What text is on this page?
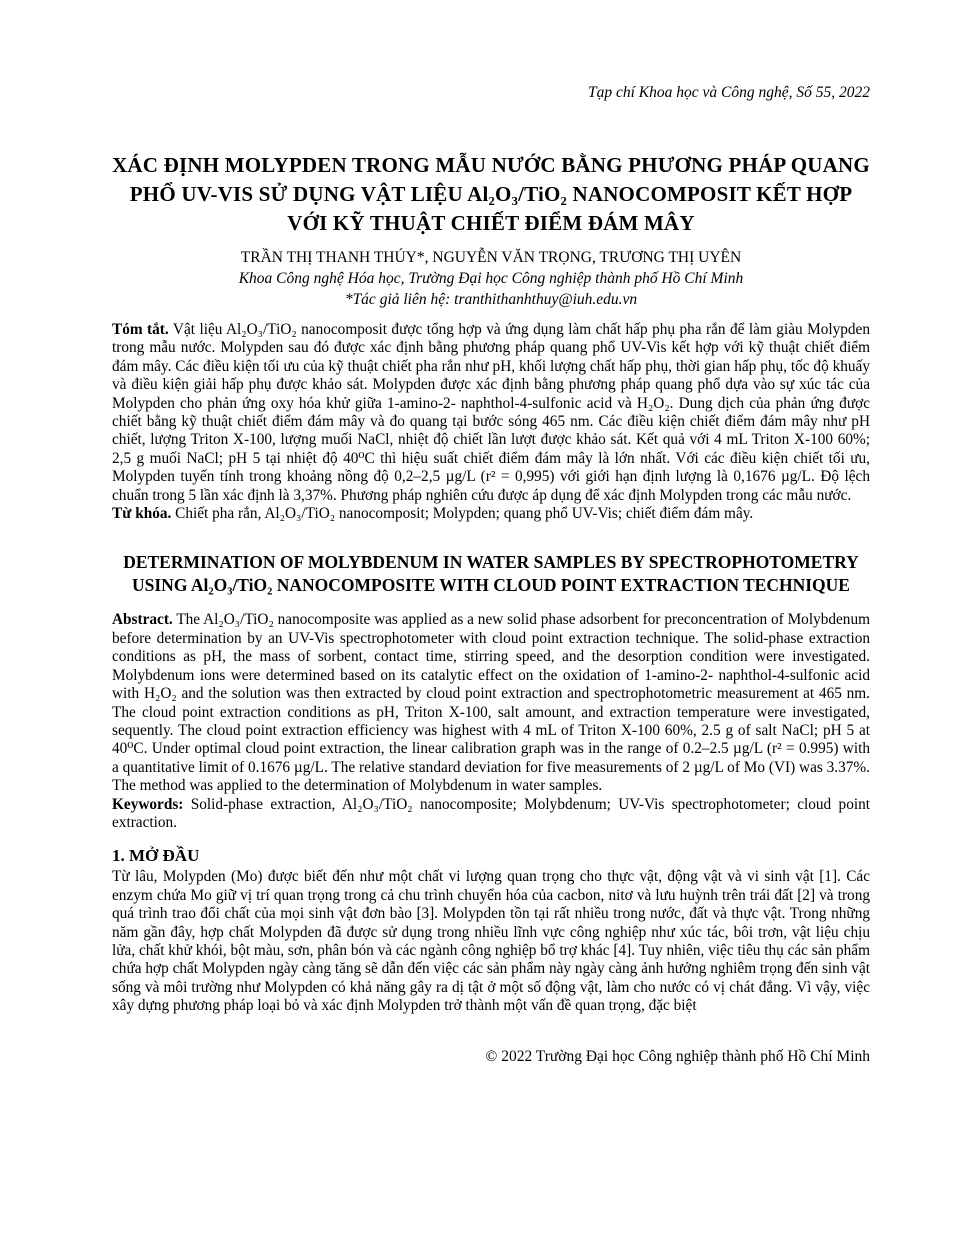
Tạp chí Khoa học và Công nghệ, Số 55, 2022

XÁC ĐỊNH MOLYPDEN TRONG MẪU NƯỚC BẰNG PHƯƠNG PHÁP QUANG PHỔ UV-VIS SỬ DỤNG VẬT LIỆU Al₂O₃/TiO₂ NANOCOMPOSIT KẾT HỢP VỚI KỸ THUẬT CHIẾT ĐIỂM ĐÁM MÂY
TRẦN THỊ THANH THÚY*, NGUYỄN VĂN TRỌNG, TRƯƠNG THỊ UYÊN
Khoa Công nghệ Hóa học, Trường Đại học Công nghiệp thành phố Hồ Chí Minh
*Tác giả liên hệ: tranthithanhthuy@iuh.edu.vn

Tóm tắt. Vật liệu Al₂O₃/TiO₂ nanocomposit được tổng hợp và ứng dụng làm chất hấp phụ pha rắn để làm giàu Molypden trong mẫu nước. Molypden sau đó được xác định bằng phương pháp quang phổ UV-Vis kết hợp với kỹ thuật chiết điểm đám mây. Các điều kiện tối ưu của kỹ thuật chiết pha rắn như pH, khối lượng chất hấp phụ, thời gian hấp phụ, tốc độ khuấy và điều kiện giải hấp phụ được khảo sát. Molypden được xác định bằng phương pháp quang phổ dựa vào sự xúc tác của Molypden cho phản ứng oxy hóa khử giữa 1-amino-2- naphthol-4-sulfonic acid và H₂O₂. Dung dịch của phản ứng được chiết bằng kỹ thuật chiết điểm đám mây và đo quang tại bước sóng 465 nm. Các điều kiện chiết điểm đám mây như pH chiết, lượng Triton X-100, lượng muối NaCl, nhiệt độ chiết lần lượt được khảo sát. Kết quả với 4 mL Triton X-100 60%; 2,5 g muối NaCl; pH 5 tại nhiệt độ 40⁰C thì hiệu suất chiết điểm đám mây là lớn nhất. Với các điều kiện chiết tối ưu, Molypden tuyến tính trong khoảng nồng độ 0,2–2,5 µg/L (r² = 0,995) với giới hạn định lượng là 0,1676 µg/L. Độ lệch chuẩn trong 5 lần xác định là 3,37%. Phương pháp nghiên cứu được áp dụng để xác định Molypden trong các mẫu nước.

Từ khóa. Chiết pha rắn, Al₂O₃/TiO₂ nanocomposit; Molypden; quang phổ UV-Vis; chiết điểm đám mây.

DETERMINATION OF MOLYBDENUM IN WATER SAMPLES BY SPECTROPHOTOMETRY USING Al₂O₃/TiO₂ NANOCOMPOSITE WITH CLOUD POINT EXTRACTION TECHNIQUE

Abstract. The Al₂O₃/TiO₂ nanocomposite was applied as a new solid phase adsorbent for preconcentration of Molybdenum before determination by an UV-Vis spectrophotometer with cloud point extraction technique. The solid-phase extraction conditions as pH, the mass of sorbent, contact time, stirring speed, and the desorption condition were investigated. Molybdenum ions were determined based on its catalytic effect on the oxidation of 1-amino-2- naphthol-4-sulfonic acid with H₂O₂ and the solution was then extracted by cloud point extraction and spectrophotometric measurement at 465 nm. The cloud point extraction conditions as pH, Triton X-100, salt amount, and extraction temperature were investigated, sequently. The cloud point extraction efficiency was highest with 4 mL of Triton X-100 60%, 2.5 g of salt NaCl; pH 5 at 40⁰C. Under optimal cloud point extraction, the linear calibration graph was in the range of 0.2–2.5 µg/L (r² = 0.995) with a quantitative limit of 0.1676 µg/L. The relative standard deviation for five measurements of 2 µg/L of Mo (VI) was 3.37%. The method was applied to the determination of Molybdenum in water samples.

Keywords: Solid-phase extraction, Al₂O₃/TiO₂ nanocomposite; Molybdenum; UV-Vis spectrophotometer; cloud point extraction.

1. MỞ ĐẦU

Từ lâu, Molypden (Mo) được biết đến như một chất vi lượng quan trọng cho thực vật, động vật và vi sinh vật [1]. Các enzym chứa Mo giữ vị trí quan trọng trong cả chu trình chuyển hóa của cacbon, nitơ và lưu huỳnh trên trái đất [2] và trong quá trình trao đổi chất của mọi sinh vật đơn bào [3]. Molypden tồn tại rất nhiều trong nước, đất và thực vật. Trong những năm gần đây, hợp chất Molypden đã được sử dụng trong nhiều lĩnh vực công nghiệp như xúc tác, bôi trơn, vật liệu chịu lửa, chất khử khói, bột màu, sơn, phân bón và các ngành công nghiệp bổ trợ khác [4]. Tuy nhiên, việc tiêu thụ các sản phẩm chứa hợp chất Molypden ngày càng tăng sẽ dẫn đến việc các sản phẩm này ngày càng ảnh hưởng nghiêm trọng đến sinh vật sống và môi trường như Molypden có khả năng gây ra dị tật ở một số động vật, làm cho nước có vị chát đắng. Vì vậy, việc xây dựng phương pháp loại bỏ và xác định Molypden trở thành một vấn đề quan trọng, đặc biệt

© 2022 Trường Đại học Công nghiệp thành phố Hồ Chí Minh
